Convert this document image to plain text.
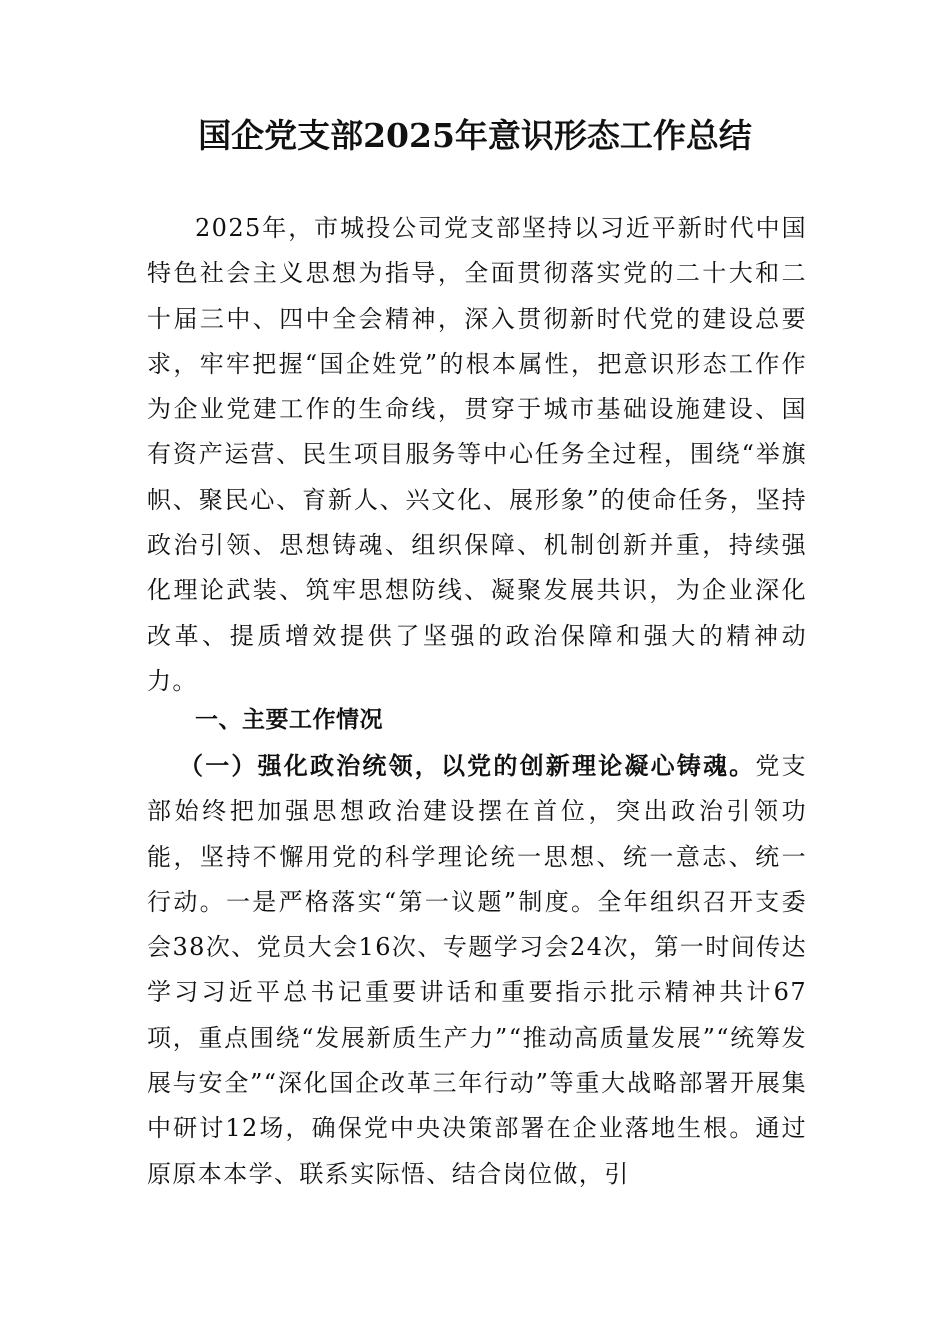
国企党支部2025年意识形态工作总结

2025年，市城投公司党支部坚持以习近平新时代中国特色社会主义思想为指导，全面贯彻落实党的二十大和二十届三中、四中全会精神，深入贯彻新时代党的建设总要求，牢牢把握“国企姓党”的根本属性，把意识形态工作作为企业党建工作的生命线，贯穿于城市基础设施建设、国有资产运营、民生项目服务等中心任务全过程，围绕“举旗帜、聚民心、育新人、兴文化、展形象”的使命任务，坚持政治引领、思想铸魂、组织保障、机制创新并重，持续强化理论武装、筑牢思想防线、凝聚发展共识，为企业深化改革、提质增效提供了坚强的政治保障和强大的精神动力。

一、主要工作情况

（一）强化政治统领，以党的创新理论凝心铸魂。党支部始终把加强思想政治建设摆在首位，突出政治引领功能，坚持不懈用党的科学理论统一思想、统一意志、统一行动。一是严格落实“第一议题”制度。全年组织召开支委会38次、党员大会16次、专题学习会24次，第一时间传达学习习近平总书记重要讲话和重要指示批示精神共计67项，重点围绕“发展新质生产力”“推动高质量发展”“统筹发展与安全”“深化国企改革三年行动”等重大战略部署开展集中研讨12场，确保党中央决策部署在企业落地生根。通过原原本本学、联系实际悟、结合岗位做，引
